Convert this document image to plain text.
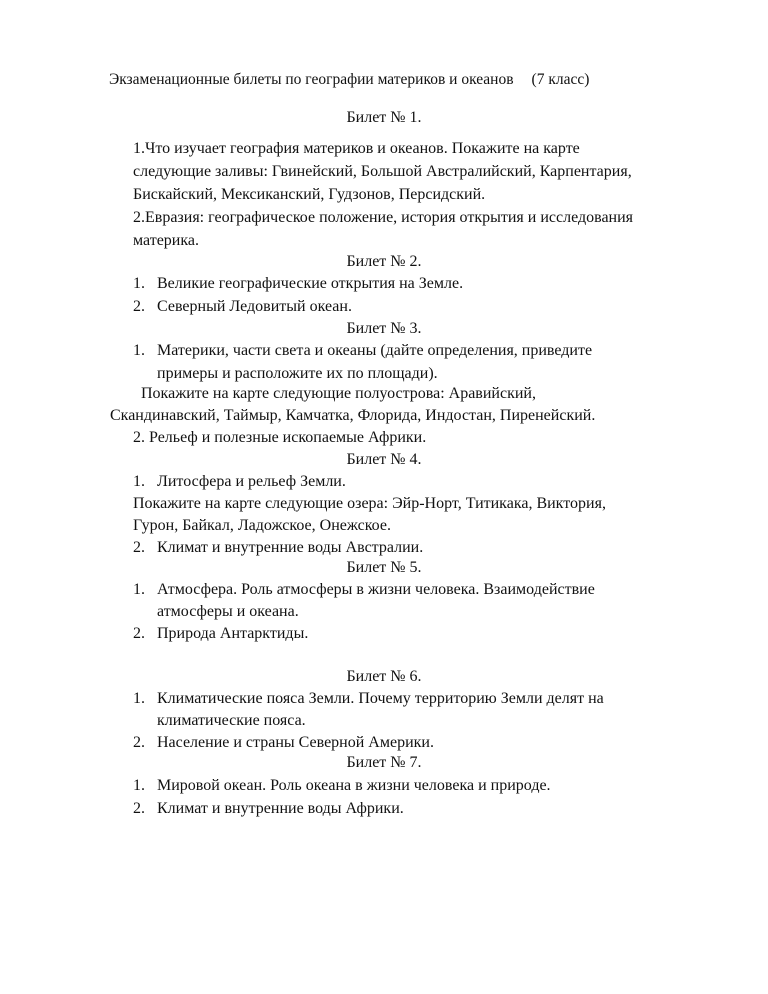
Экзаменационные билеты по географии материков и океанов (7 класс)
Билет № 1.
1.Что изучает география материков и океанов. Покажите на карте
следующие заливы: Гвинейский, Большой Австралийский, Карпентария,
Бискайский, Мексиканский, Гудзонов, Персидский.
2.Евразия: географическое положение, история открытия и исследования
материка.
Билет № 2.
1. Великие географические открытия на Земле.
2. Северный Ледовитый океан.
Билет № 3.
1. Материки, части света и океаны (дайте определения, приведите
примеры и расположите их по площади).
Покажите на карте следующие полуострова: Аравийский,
Скандинавский, Таймыр, Камчатка, Флорида, Индостан, Пиренейский.
2. Рельеф и полезные ископаемые Африки.
Билет № 4.
1. Литосфера и рельеф Земли.
Покажите на карте следующие озера: Эйр-Норт, Титикака, Виктория,
Гурон, Байкал, Ладожское, Онежское.
2. Климат и внутренние воды Австралии.
Билет № 5.
1. Атмосфера. Роль атмосферы в жизни человека. Взаимодействие
атмосферы и океана.
2. Природа Антарктиды.
Билет № 6.
1. Климатические пояса Земли. Почему территорию Земли делят на
климатические пояса.
2. Население и страны Северной Америки.
Билет № 7.
1. Мировой океан. Роль океана в жизни человека и природе.
2. Климат и внутренние воды Африки.
